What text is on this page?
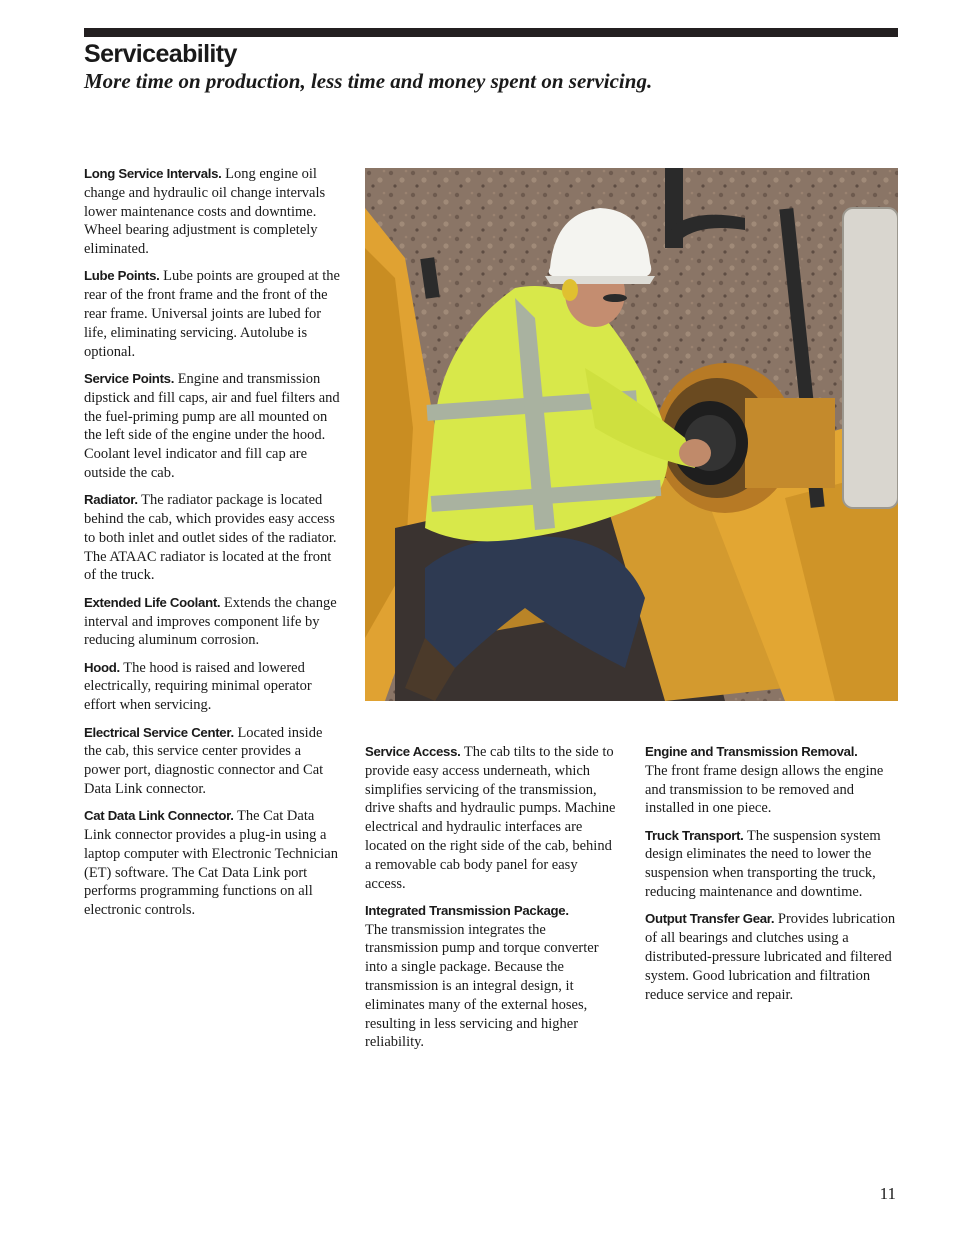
Serviceability
More time on production, less time and money spent on servicing.

Long Service Intervals. Long engine oil change and hydraulic oil change intervals lower maintenance costs and downtime. Wheel bearing adjustment is completely eliminated.

Lube Points. Lube points are grouped at the rear of the front frame and the front of the rear frame. Universal joints are lubed for life, eliminating servicing. Autolube is optional.

Service Points. Engine and transmission dipstick and fill caps, air and fuel filters and the fuel-priming pump are all mounted on the left side of the engine under the hood. Coolant level indicator and fill cap are outside the cab.

Radiator. The radiator package is located behind the cab, which provides easy access to both inlet and outlet sides of the radiator. The ATAAC radiator is located at the front of the truck.

Extended Life Coolant. Extends the change interval and improves component life by reducing aluminum corrosion.

Hood. The hood is raised and lowered electrically, requiring minimal operator effort when servicing.

Electrical Service Center. Located inside the cab, this service center provides a power port, diagnostic connector and Cat Data Link connector.

Cat Data Link Connector. The Cat Data Link connector provides a plug-in using a laptop computer with Electronic Technician (ET) software. The Cat Data Link port performs programming functions on all electronic controls.

Service Access. The cab tilts to the side to provide easy access underneath, which simplifies servicing of the transmission, drive shafts and hydraulic pumps. Machine electrical and hydraulic interfaces are located on the right side of the cab, behind a removable cab body panel for easy access.

Integrated Transmission Package.
The transmission integrates the transmission pump and torque converter into a single package. Because the transmission is an integral design, it eliminates many of the external hoses, resulting in less servicing and higher reliability.

Engine and Transmission Removal.
The front frame design allows the engine and transmission to be removed and installed in one piece.

Truck Transport. The suspension system design eliminates the need to lower the suspension when transporting the truck, reducing maintenance and downtime.

Output Transfer Gear. Provides lubrication of all bearings and clutches using a distributed-pressure lubricated and filtered system. Good lubrication and filtration reduce service and repair.

11
